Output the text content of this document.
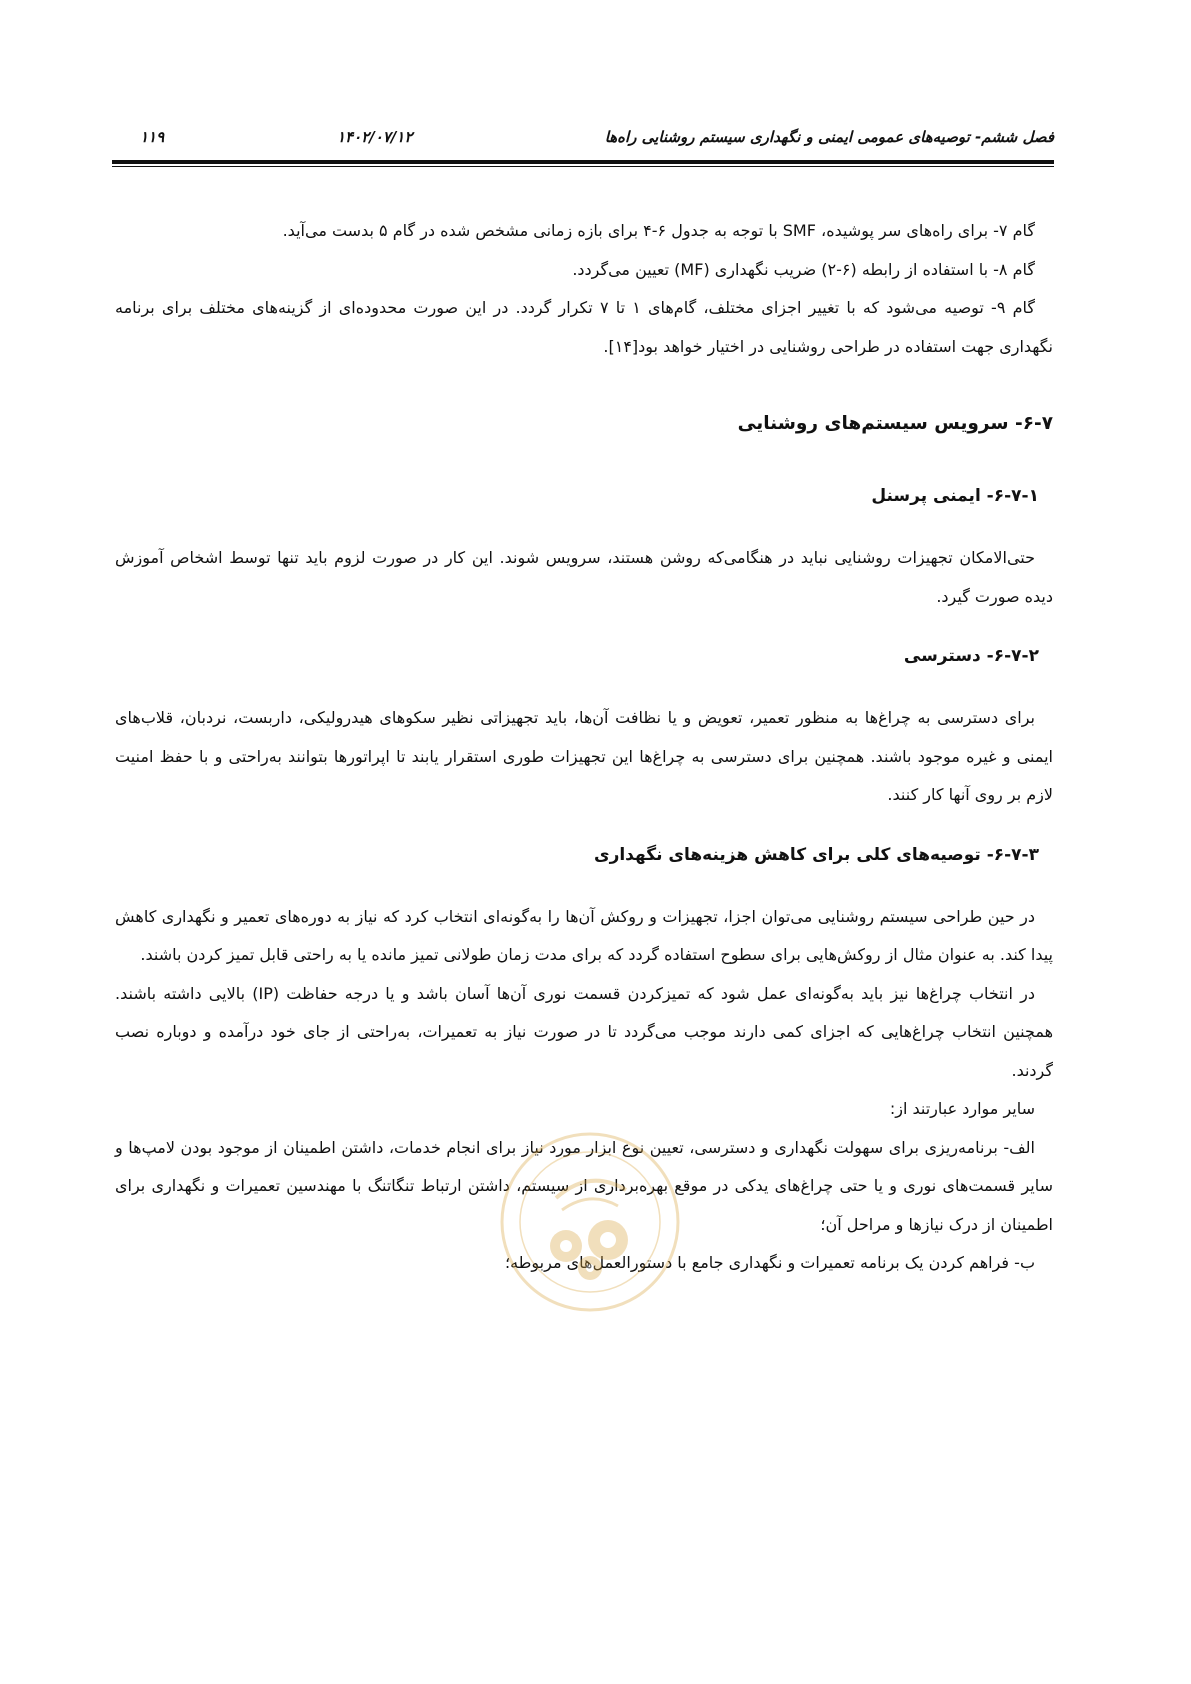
فصل ششم- توصیه‌های عمومی ایمنی و نگهداری سیستم روشنایی راه‌ها
۱۴۰۲/۰۷/۱۲
۱۱۹

گام ۷- برای راه‌های سر پوشیده، SMF با توجه به جدول ۶-۴ برای بازه زمانی مشخص شده در گام ۵ بدست می‌آید.

گام ۸- با استفاده از رابطه (۶-۲) ضریب نگهداری (MF) تعیین می‌گردد.

گام ۹- توصیه می‌شود که با تغییر اجزای مختلف، گام‌های ۱ تا ۷ تکرار گردد. در این صورت محدوده‌ای از گزینه‌های مختلف برای برنامه نگهداری جهت استفاده در طراحی روشنایی در اختیار خواهد بود[۱۴].

۶-۷- سرویس سیستم‌های روشنایی
۶-۷-۱- ایمنی پرسنل

حتی‌الامکان تجهیزات روشنایی نباید در هنگامی‌که روشن هستند، سرویس شوند. این کار در صورت لزوم باید تنها توسط اشخاص آموزش دیده صورت گیرد.

۶-۷-۲- دسترسی

برای دسترسی به چراغ‌ها به منظور تعمیر، تعویض و یا نظافت آن‌ها، باید تجهیزاتی نظیر سکوهای هیدرولیکی، داربست، نردبان، قلاب‌های ایمنی و غیره موجود باشند. همچنین برای دسترسی به چراغ‌ها این تجهیزات طوری استقرار یابند تا اپراتورها بتوانند به‌راحتی و با حفظ امنیت لازم بر روی آنها کار کنند.

۶-۷-۳- توصیه‌های کلی برای کاهش هزینه‌های نگهداری

در حین طراحی سیستم روشنایی می‌توان اجزا، تجهیزات و روکش آن‌ها را به‌گونه‌ای انتخاب کرد که نیاز به دوره‌های تعمیر و نگهداری کاهش پیدا کند. به عنوان مثال از روکش‌هایی برای سطوح استفاده گردد که برای مدت زمان طولانی تمیز مانده یا به راحتی قابل تمیز کردن باشند.

در انتخاب چراغ‌ها نیز باید به‌گونه‌ای عمل شود که تمیزکردن قسمت نوری آن‌ها آسان باشد و یا درجه حفاظت (IP) بالایی داشته باشند. همچنین انتخاب چراغ‌هایی که اجزای کمی دارند موجب می‌گردد تا در صورت نیاز به تعمیرات، به‌راحتی از جای خود درآمده و دوباره نصب گردند.

سایر موارد عبارتند از:

الف- برنامه‌ریزی برای سهولت نگهداری و دسترسی، تعیین نوع ابزار مورد نیاز برای انجام خدمات، داشتن اطمینان از موجود بودن لامپ‌ها و سایر قسمت‌های نوری و یا حتی چراغ‌های یدکی در موقع بهره‌برداری از سیستم، داشتن ارتباط تنگاتنگ با مهندسین تعمیرات و نگهداری برای اطمینان از درک نیازها و مراحل آن؛

ب- فراهم کردن یک برنامه تعمیرات و نگهداری جامع با دستورالعمل‌های مربوطه؛
